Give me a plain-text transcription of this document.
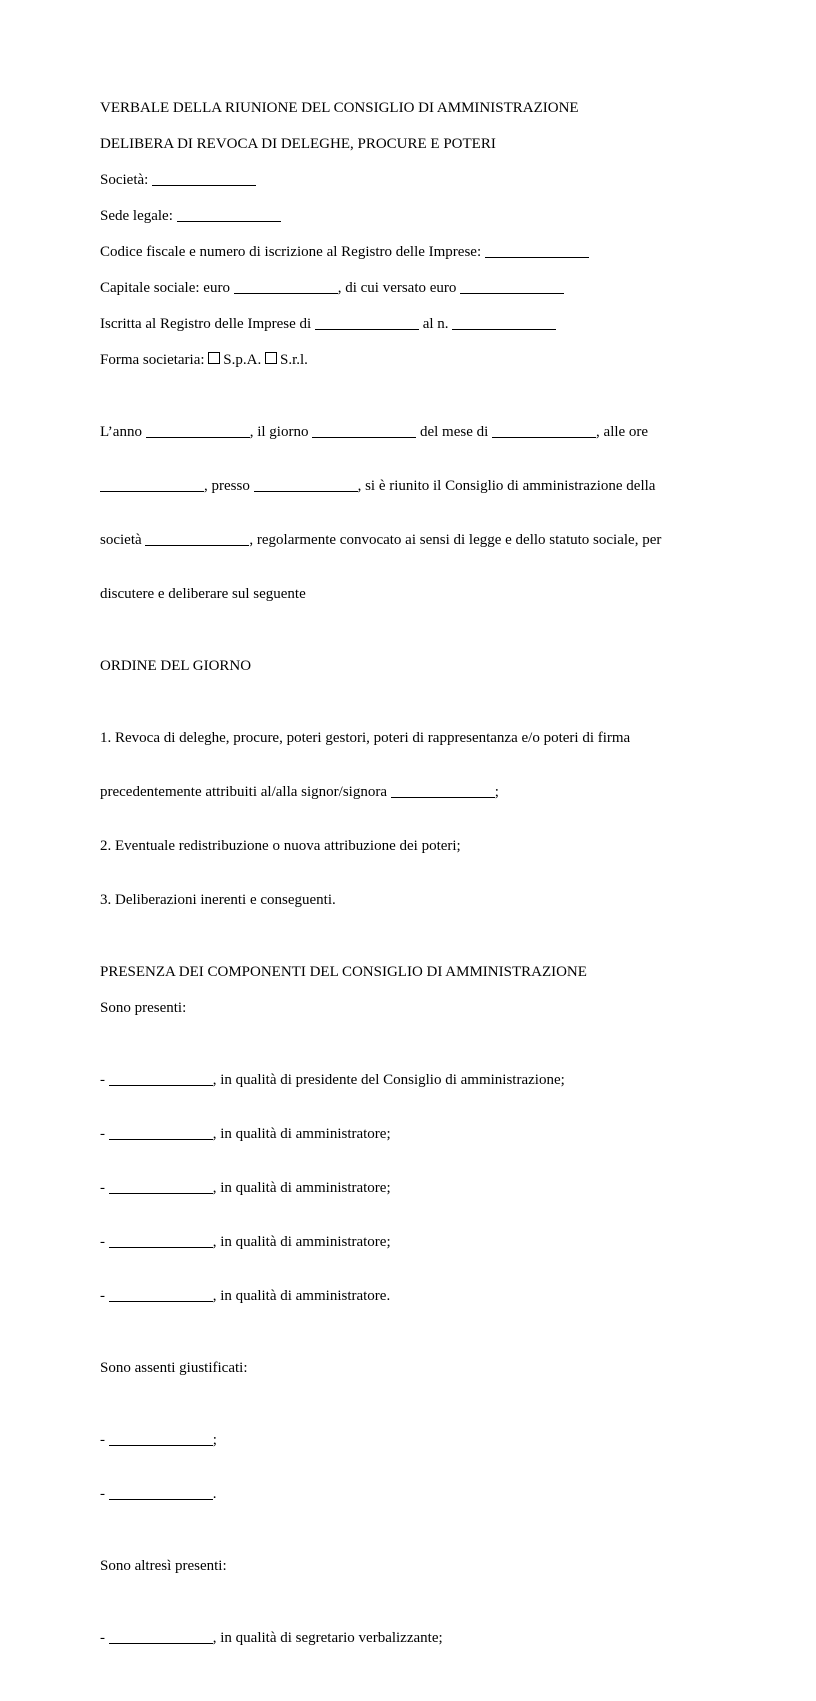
VERBALE DELLA RIUNIONE DEL CONSIGLIO DI AMMINISTRAZIONE

DELIBERA DI REVOCA DI DELEGHE, PROCURE E POTERI

Società:

Sede legale:

Codice fiscale e numero di iscrizione al Registro delle Imprese:

Capitale sociale: euro	, di cui versato euro

Iscritta al Registro delle Imprese di	al n.

Forma societaria: S.p.A. S.r.l.

L’anno	, il giorno	del mese di	, alle ore

, presso	, si è riunito il Consiglio di amministrazione della

società	, regolarmente convocato ai sensi di legge e dello statuto sociale, per

discutere e deliberare sul seguente

ORDINE DEL GIORNO

1. Revoca di deleghe, procure, poteri gestori, poteri di rappresentanza e/o poteri di firma

precedentemente attribuiti al/alla signor/signora	;

2. Eventuale redistribuzione o nuova attribuzione dei poteri;

3. Deliberazioni inerenti e conseguenti.

PRESENZA DEI COMPONENTI DEL CONSIGLIO DI AMMINISTRAZIONE

Sono presenti:

-	, in qualità di presidente del Consiglio di amministrazione;

-	, in qualità di amministratore;

-	, in qualità di amministratore;

-	, in qualità di amministratore;

-	, in qualità di amministratore.

Sono assenti giustificati:

-	;

-	.

Sono altresì presenti:

-	, in qualità di segretario verbalizzante;
